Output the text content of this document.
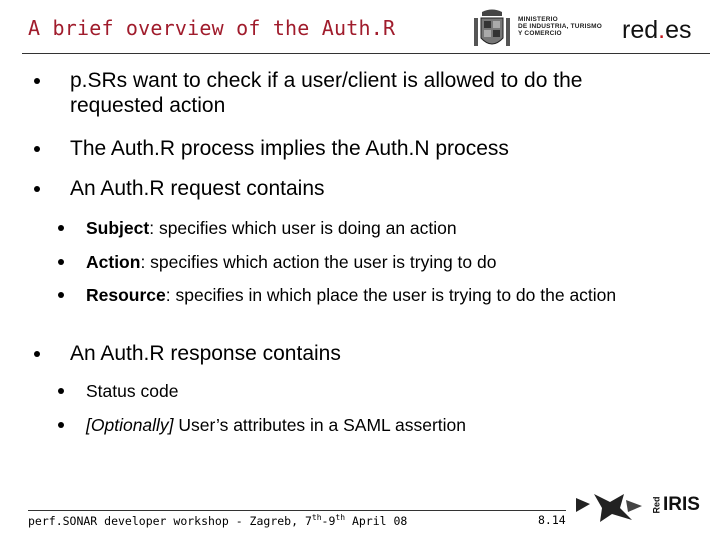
A brief overview of the Auth.R	MINISTERIO
DE INDUSTRIA, TURISMO
Y COMERCIO	red.es
p.SRs want to check if a user/client is allowed to do the requested action
The Auth.R process implies the Auth.N process
An Auth.R request contains
Subject: specifies which user is doing an action
Action: specifies which action the user is trying to do
Resource: specifies in which place the user is trying to do the action
An Auth.R response contains
Status code
[Optionally] User’s attributes in a SAML assertion
perf.SONAR developer workshop - Zagreb, 7th-9th April 08	8.14
RedIRIS
